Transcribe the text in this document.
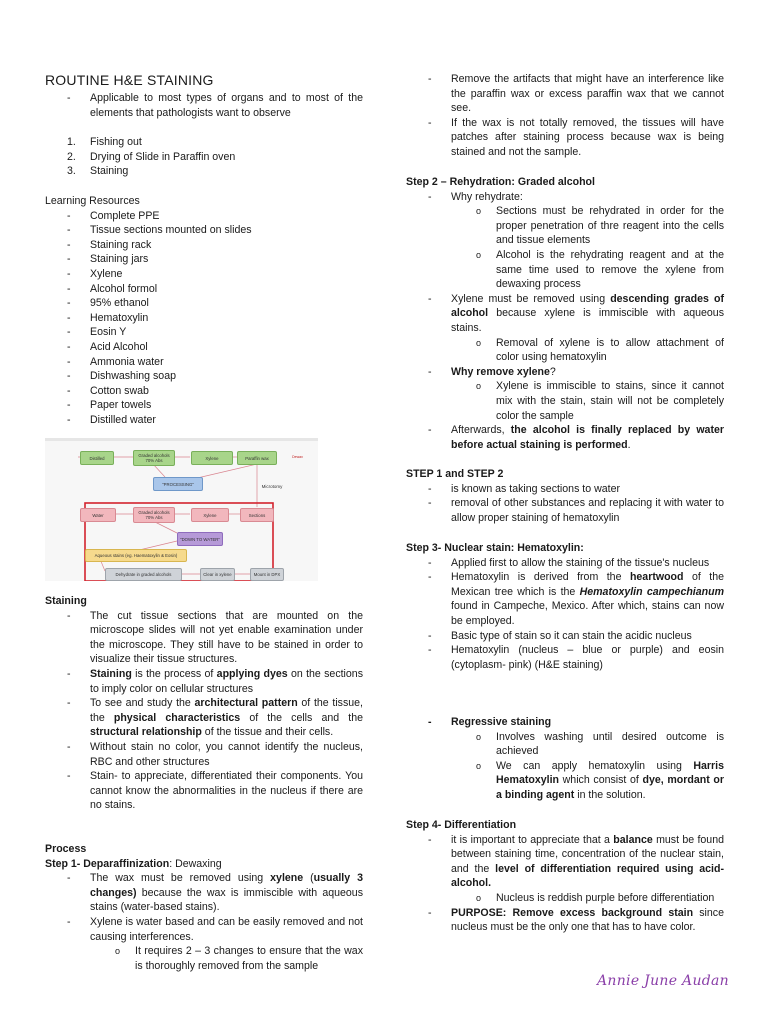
ROUTINE H&E STAINING
- Applicable to most types of organs and to most of the elements that pathologists want to observe
1. Fishing out
2. Drying of Slide in Paraffin oven
3. Staining
Learning Resources
- Complete PPE
- Tissue sections mounted on slides
- Staining rack
- Staining jars
- Xylene
- Alcohol formol
- 95% ethanol
- Hematoxylin
- Eosin Y
- Acid Alcohol
- Ammonia water
- Dishwashing soap
- Cotton swab
- Paper towels
- Distilled water
Distilled	Graded alcohols 70% Abs	Xylene	Paraffin wax	Dewax
"PROCESSING"	Microtomy
Water	Graded alcohols 70% Abs	Xylene	Sections
"DOWN TO WATER"
Aqueous stains (eg. Haematoxylin & Eosin)
Dehydrate in graded alcohols	Clear in xylene	Mount in DPX
Staining
- The cut tissue sections that are mounted on the microscope slides will not yet enable examination under the microscope. They still have to be stained in order to visualize their tissue structures.
- Staining is the process of applying dyes on the sections to imply color on cellular structures
- To see and study the architectural pattern of the tissue, the physical characteristics of the cells and the structural relationship of the tissue and their cells.
- Without stain no color, you cannot identify the nucleus, RBC and other structures
- Stain- to appreciate, differentiated their components. You cannot know the abnormalities in the nucleus if there are no stains.
Process
Step 1- Deparaffinization: Dewaxing
- The wax must be removed using xylene (usually 3 changes) because the wax is immiscible with aqueous stains (water-based stains).
- Xylene is water based and can be easily removed and not causing interferences.
o It requires 2 – 3 changes to ensure that the wax is thoroughly removed from the sample
- Remove the artifacts that might have an interference like the paraffin wax or excess paraffin wax that we cannot see.
- If the wax is not totally removed, the tissues will have patches after staining process because wax is being stained and not the sample.
Step 2 – Rehydration: Graded alcohol
- Why rehydrate:
o Sections must be rehydrated in order for the proper penetration of thre reagent into the cells and tissue elements
o Alcohol is the rehydrating reagent and at the same time used to remove the xylene from dewaxing process
- Xylene must be removed using descending grades of alcohol because xylene is immiscible with aqueous stains.
o Removal of xylene is to allow attachment of color using hematoxylin
- Why remove xylene?
o Xylene is immiscible to stains, since it cannot mix with the stain, stain will not be completely color the sample
- Afterwards, the alcohol is finally replaced by water before actual staining is performed.
STEP 1 and STEP 2
- is known as taking sections to water
- removal of other substances and replacing it with water to allow proper staining of hematoxylin
Step 3- Nuclear stain: Hematoxylin:
- Applied first to allow the staining of the tissue's nucleus
- Hematoxylin is derived from the heartwood of the Mexican tree which is the Hematoxylin campechianum found in Campeche, Mexico. After which, stains can now be employed.
- Basic type of stain so it can stain the acidic nucleus
- Hematoxylin (nucleus – blue or purple) and eosin (cytoplasm- pink) (H&E staining)
- Regressive staining
o Involves washing until desired outcome is achieved
o We can apply hematoxylin using Harris Hematoxylin which consist of dye, mordant or a binding agent in the solution.
Step 4- Differentiation
- it is important to appreciate that a balance must be found between staining time, concentration of the nuclear stain, and the level of differentiation required using acid- alcohol.
o Nucleus is reddish purple before differentiation
- PURPOSE: Remove excess background stain since nucleus must be the only one that has to have color.
Annie June Audan
